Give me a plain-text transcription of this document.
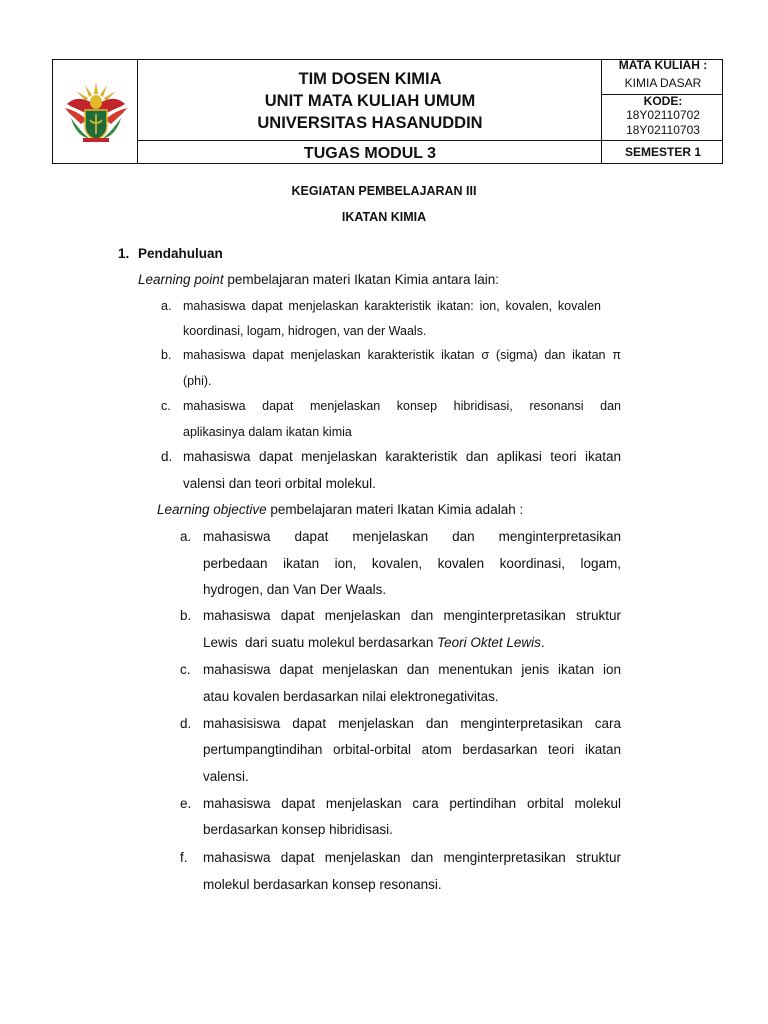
TIM DOSEN KIMIA
UNIT MATA KULIAH UMUM
UNIVERSITAS HASANUDDIN
TUGAS MODUL 3
MATA KULIAH :
KIMIA DASAR
KODE:
18Y02110702
18Y02110703
SEMESTER 1
KEGIATAN PEMBELAJARAN III
IKATAN KIMIA
1. Pendahuluan
Learning point pembelajaran materi Ikatan Kimia antara lain:
a. mahasiswa dapat menjelaskan karakteristik ikatan: ion, kovalen, kovalen
koordinasi, logam, hidrogen, van der Waals.
b. mahasiswa dapat menjelaskan karakteristik ikatan σ (sigma) dan ikatan π
(phi).
c. mahasiswa dapat menjelaskan konsep hibridisasi, resonansi dan
aplikasinya dalam ikatan kimia
d. mahasiswa dapat menjelaskan karakteristik dan aplikasi teori ikatan
valensi dan teori orbital molekul.
Learning objective pembelajaran materi Ikatan Kimia adalah :
a. mahasiswa dapat menjelaskan dan menginterpretasikan
perbedaan ikatan ion, kovalen, kovalen koordinasi, logam,
hydrogen, dan Van Der Waals.
b. mahasiswa dapat menjelaskan dan menginterpretasikan struktur
Lewis  dari suatu molekul berdasarkan Teori Oktet Lewis.
c. mahasiswa dapat menjelaskan dan menentukan jenis ikatan ion
atau kovalen berdasarkan nilai elektronegativitas.
d. mahasisiswa dapat menjelaskan dan menginterpretasikan cara
pertumpangtindihan orbital-orbital atom berdasarkan teori ikatan
valensi.
e. mahasiswa dapat menjelaskan cara pertindihan orbital molekul
berdasarkan konsep hibridisasi.
f. mahasiswa dapat menjelaskan dan menginterpretasikan struktur
molekul berdasarkan konsep resonansi.
